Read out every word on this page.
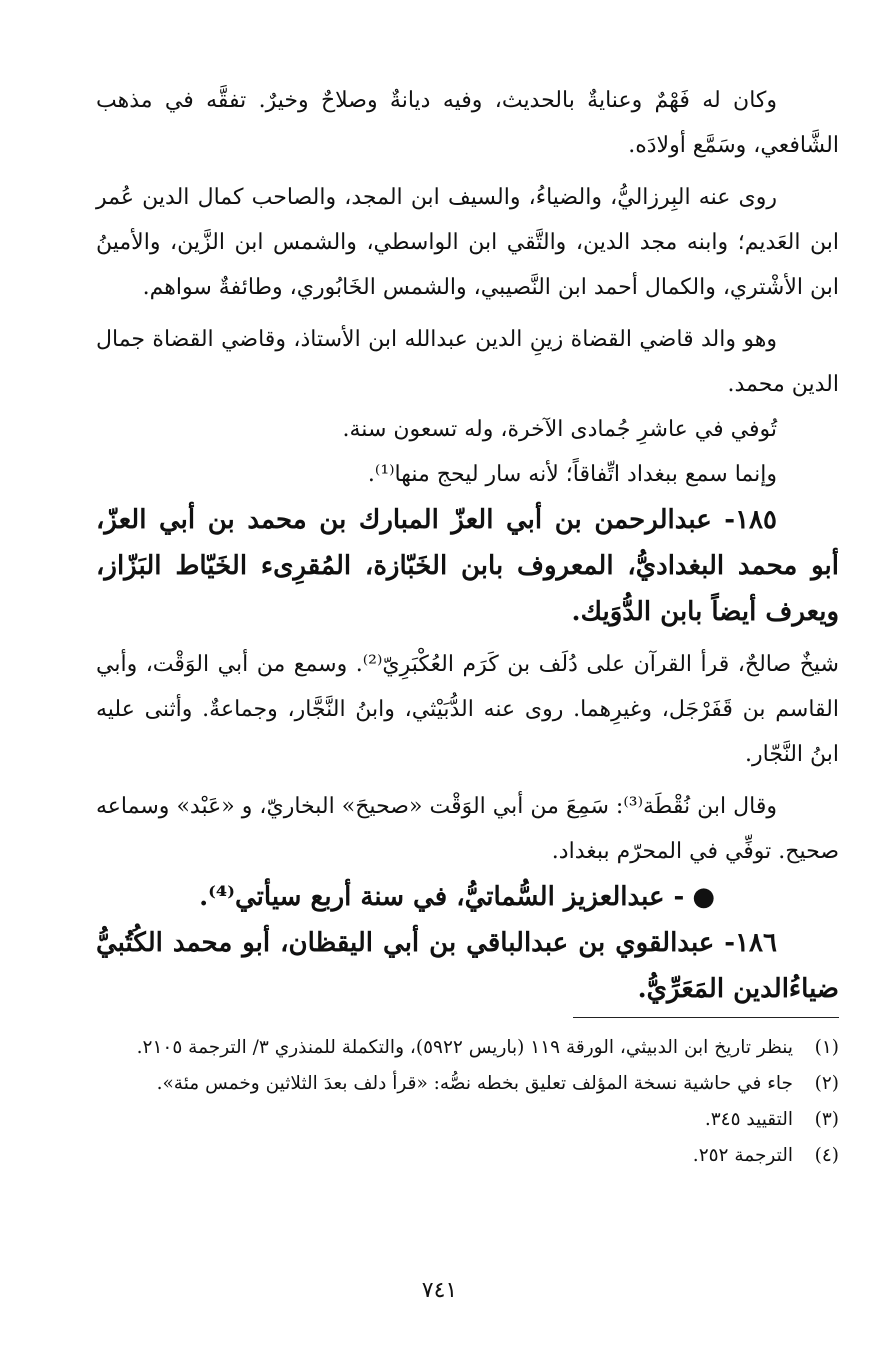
وكان له فَهْمٌ وعنايةٌ بالحديث، وفيه ديانةٌ وصلاحٌ وخيرٌ. تفقَّه في مذهب الشَّافعي، وسَمَّع أولادَه.

روى عنه البِرزاليُّ، والضياءُ، والسيف ابن المجد، والصاحب كمال الدين عُمر ابن العَديم؛ وابنه مجد الدين، والتَّقي ابن الواسطي، والشمس ابن الزَّين، والأمينُ ابن الأشْتري، والكمال أحمد ابن النَّصيبي، والشمس الخَابُوري، وطائفةٌ سواهم.

وهو والد قاضي القضاة زينِ الدين عبدالله ابن الأستاذ، وقاضي القضاة جمال الدين محمد.

تُوفي في عاشرِ جُمادى الآخرة، وله تسعون سنة.

وإنما سمع ببغداد اتِّفاقاً؛ لأنه سار ليحج منها⁽¹⁾.

١٨٥- عبدالرحمن بن أبي العزّ المبارك بن محمد بن أبي العزّ، أبو محمد البغداديُّ، المعروف بابن الخَبّازة، المُقرِىء الخَيّاط البَزّاز، ويعرف أيضاً بابن الدُّوَيك.

شيخٌ صالحٌ، قرأ القرآن على دُلَف بن كَرَم العُكْبَرِيّ⁽²⁾. وسمع من أبي الوَقْت، وأبي القاسم بن قَفَرْجَل، وغيرِهما. روى عنه الدُّبَيْثي، وابنُ النَّجَّار، وجماعةٌ. وأثنى عليه ابنُ النَّجّار.

وقال ابن نُقْطَة⁽³⁾: سَمِعَ من أبي الوَقْت «صحيحَ» البخاريّ، و «عَبْد» وسماعه صحيح. توفِّي في المحرّم ببغداد.

●- عبدالعزيز السُّماتيُّ، في سنة أربع سيأتي⁽⁴⁾.

١٨٦- عبدالقوي بن عبدالباقي بن أبي اليقظان، أبو محمد الكُتُبيُّ ضياءُالدين المَعَرِّيُّ.

(١)
ينظر تاريخ ابن الدبيثي، الورقة ١١٩ (باريس ٥٩٢٢)، والتكملة للمنذري ٣/ الترجمة ٢١٠٥.

(٢)
جاء في حاشية نسخة المؤلف تعليق بخطه نصُّه: «قرأ دلف بعدَ الثلاثين وخمس مئة».

(٣)
التقييد ٣٤٥.

(٤)
الترجمة ٢٥٢.

٧٤١
